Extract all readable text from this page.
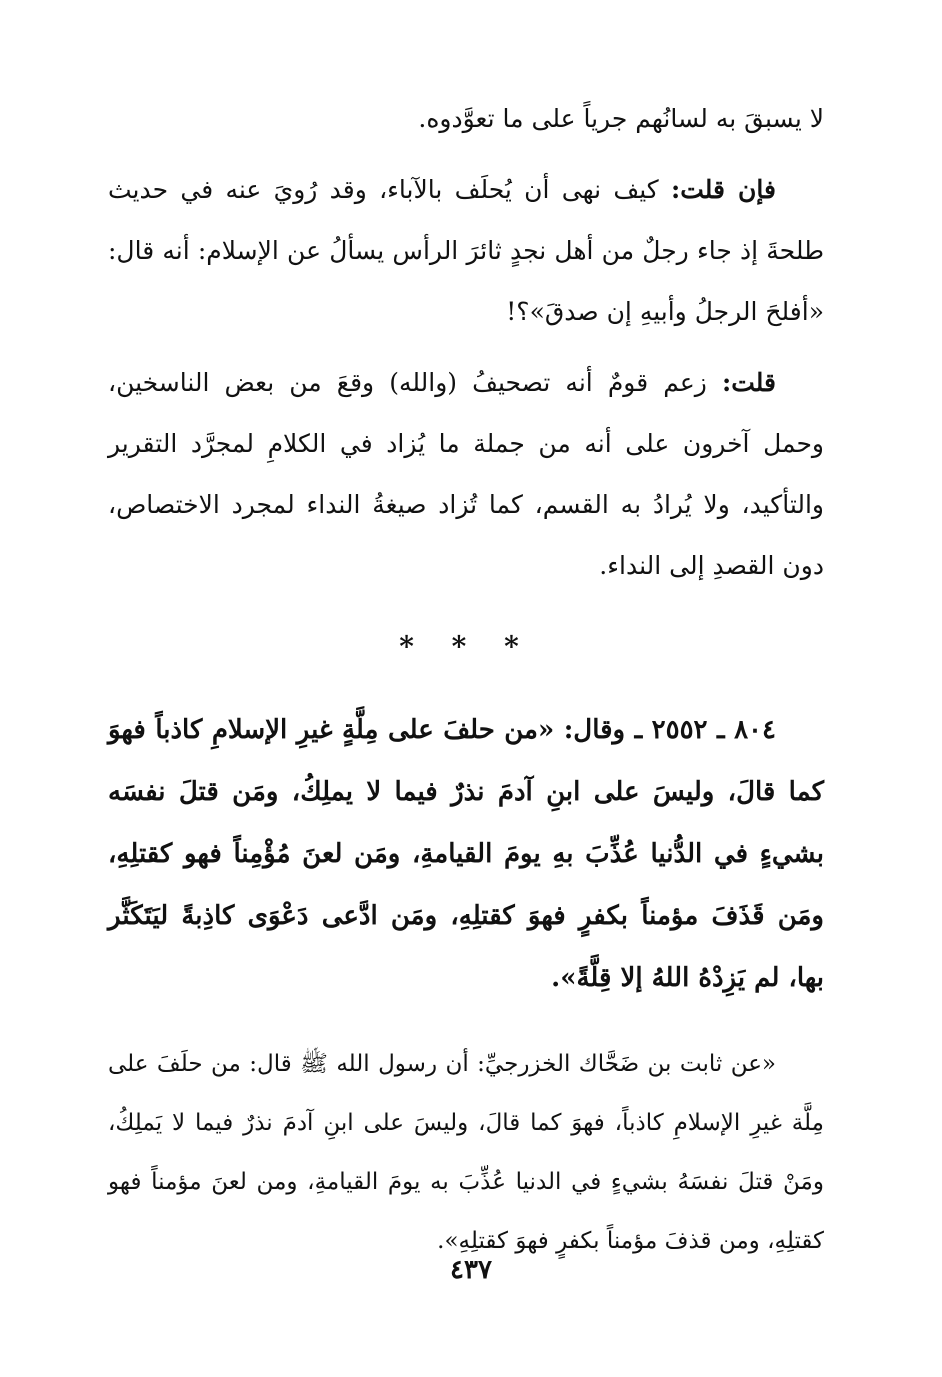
لا يسبقَ به لسانُهم جرياً على ما تعوَّدوه.

فإن قلت: كيف نهى أن يُحلَف بالآباء، وقد رُويَ عنه في حديث طلحةَ إذ جاء رجلٌ من أهل نجدٍ ثائرَ الرأس يسألُ عن الإسلام: أنه قال: «أفلحَ الرجلُ وأبيهِ إن صدقَ»؟!

قلت: زعم قومٌ أنه تصحيفُ (والله) وقعَ من بعض الناسخين، وحمل آخرون على أنه من جملة ما يُزاد في الكلامِ لمجرَّد التقرير والتأكيد، ولا يُرادُ به القسم، كما تُزاد صيغةُ النداء لمجرد الاختصاص، دون القصدِ إلى النداء.

* * *

٨٠٤ ـ ٢٥٥٢ ـ وقال: «من حلفَ على مِلَّةٍ غيرِ الإسلامِ كاذباً فهوَ كما قالَ، وليسَ على ابنِ آدمَ نذرٌ فيما لا يملِكُ، ومَن قتلَ نفسَه بشيءٍ في الدُّنيا عُذِّبَ بهِ يومَ القيامةِ، ومَن لعنَ مُؤْمِناً فهو كقتلِهِ، ومَن قَذَفَ مؤمناً بكفرٍ فهوَ كقتلِهِ، ومَن ادَّعى دَعْوَى كاذِبةً ليَتَكَثَّر بها، لم يَزِدْهُ اللهُ إلا قِلَّةً».

«عن ثابت بن ضَحَّاك الخزرجيِّ: أن رسول الله ﷺ قال: من حلَفَ على مِلَّة غيرِ الإسلامِ كاذباً، فهوَ كما قالَ، وليسَ على ابنِ آدمَ نذرٌ فيما لا يَملِكُ، ومَنْ قتلَ نفسَهُ بشيءٍ في الدنيا عُذِّبَ به يومَ القيامةِ، ومن لعنَ مؤمناً فهو كقتلِهِ، ومن قذفَ مؤمناً بكفرٍ فهوَ كقتلِهِ».

٤٣٧
